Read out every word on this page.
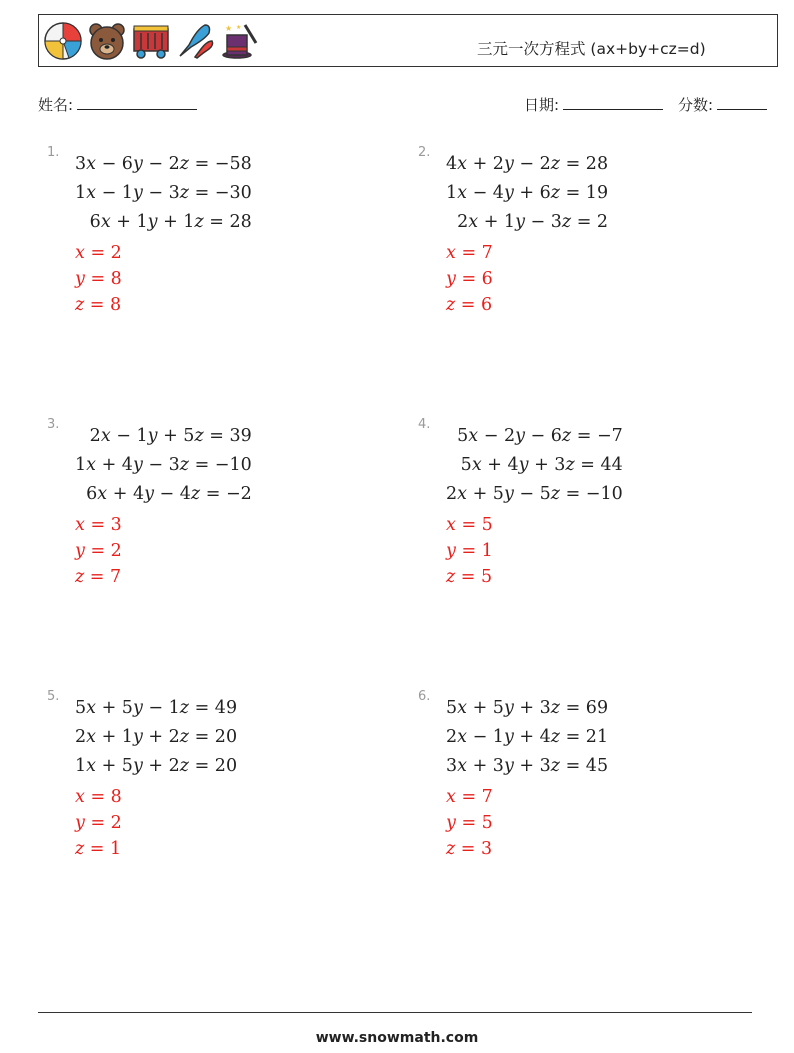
★ ★
三元一次方程式 (ax+by+cz=d)
姓名:	日期:	分数:
1.
3x − 6y − 2z = −58
1x − 1y − 3z = −30
6x + 1y + 1z = 28
x = 2
y = 8
z = 8
2.
4x + 2y − 2z = 28
1x − 4y + 6z = 19
2x + 1y − 3z = 2
x = 7
y = 6
z = 6
3.
2x − 1y + 5z = 39
1x + 4y − 3z = −10
6x + 4y − 4z = −2
x = 3
y = 2
z = 7
4.
5x − 2y − 6z = −7
5x + 4y + 3z = 44
2x + 5y − 5z = −10
x = 5
y = 1
z = 5
5.
5x + 5y − 1z = 49
2x + 1y + 2z = 20
1x + 5y + 2z = 20
x = 8
y = 2
z = 1
6.
5x + 5y + 3z = 69
2x − 1y + 4z = 21
3x + 3y + 3z = 45
x = 7
y = 5
z = 3
www.snowmath.com
